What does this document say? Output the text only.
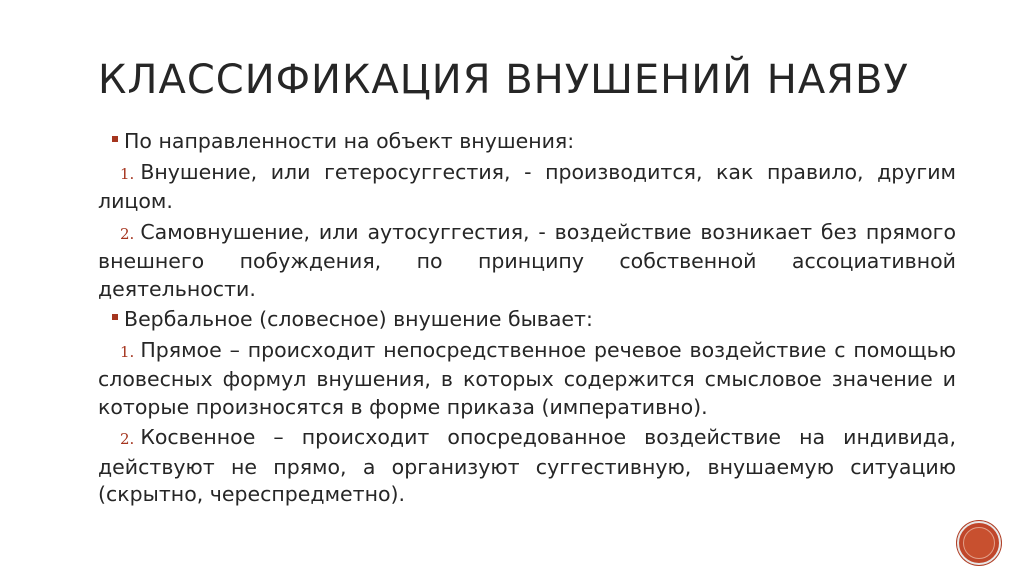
КЛАССИФИКАЦИЯ ВНУШЕНИЙ НАЯВУ
По направленности на объект внушения:

1. Внушение, или гетеросуггестия, - производится, как правило, другим лицом.

2. Самовнушение, или аутосуггестия, - воздействие возникает без прямого внешнего побуждения, по принципу собственной ассоциативной деятельности.

Вербальное (словесное) внушение бывает:

1. Прямое – происходит непосредственное речевое воздействие с помощью словесных формул внушения, в которых содержится смысловое значение и которые произносятся в форме приказа (императивно).

2. Косвенное – происходит опосредованное воздействие на индивида, действуют не прямо, а организуют суггестивную, внушаемую ситуацию (скрытно, черeспредметно).
